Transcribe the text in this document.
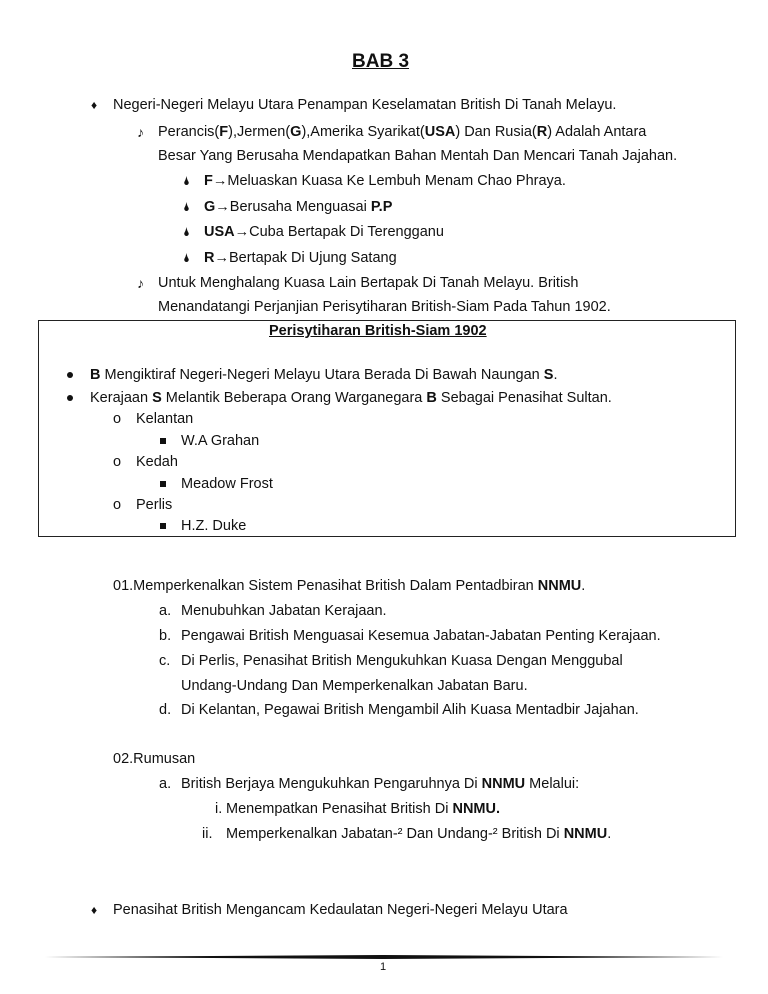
BAB 3
♦ Negeri-Negeri Melayu Utara Penampan Keselamatan British Di Tanah Melayu.
♪ Perancis(F),Jermen(G),Amerika Syarikat(USA) Dan Rusia(R) Adalah Antara
Besar Yang Berusaha Mendapatkan Bahan Mentah Dan Mencari Tanah Jajahan.
🌢 F→Meluaskan Kuasa Ke Lembuh Menam Chao Phraya.
🌢 G→Berusaha Menguasai P.P
🌢 USA→Cuba Bertapak Di Terengganu
🌢 R→Bertapak Di Ujung Satang
♪ Untuk Menghalang Kuasa Lain Bertapak Di Tanah Melayu. British
Menandatangi Perjanjian Perisytiharan British-Siam Pada Tahun 1902.
Perisytiharan British-Siam 1902
B Mengiktiraf Negeri-Negeri Melayu Utara Berada Di Bawah Naungan S.
Kerajaan S Melantik Beberapa Orang Warganegara B Sebagai Penasihat Sultan.
o Kelantan
W.A Grahan
o Kedah
Meadow Frost
o Perlis
H.Z. Duke
01.Memperkenalkan Sistem Penasihat British Dalam Pentadbiran NNMU.
a. Menubuhkan Jabatan Kerajaan.
b. Pengawai British Menguasai Kesemua Jabatan-Jabatan Penting Kerajaan.
c. Di Perlis, Penasihat British Mengukuhkan Kuasa Dengan Menggubal
Undang-Undang Dan Memperkenalkan Jabatan Baru.
d. Di Kelantan, Pegawai British Mengambil Alih Kuasa Mentadbir Jajahan.
02.Rumusan
a. British Berjaya Mengukuhkan Pengaruhnya Di NNMU Melalui:
i. Menempatkan Penasihat British Di NNMU.
ii. Memperkenalkan Jabatan-² Dan Undang-² British Di NNMU.
♦ Penasihat British Mengancam Kedaulatan Negeri-Negeri Melayu Utara
1
